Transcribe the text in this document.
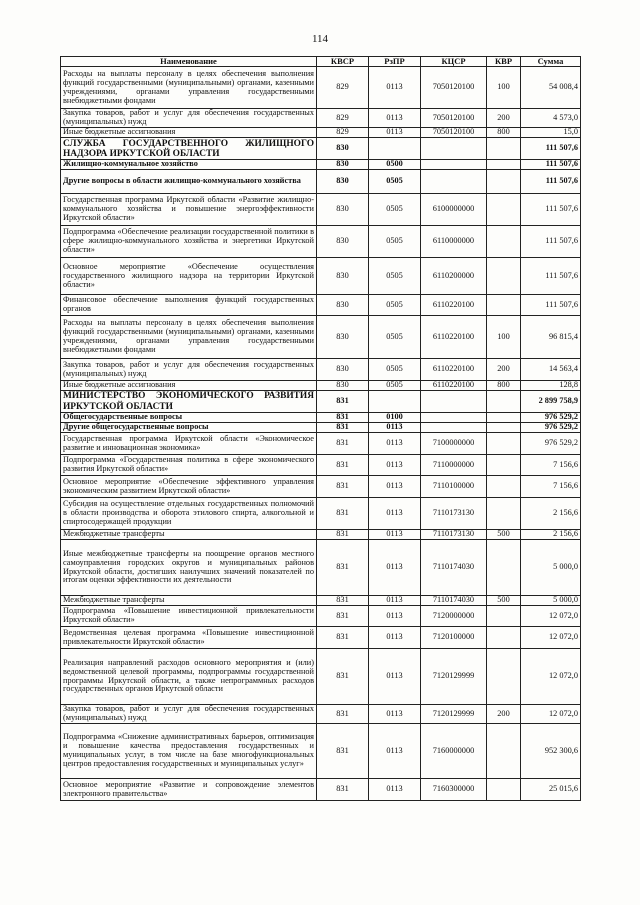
114
Наименование	КВСР	РзПР	КЦСР	КВР	Сумма
Расходы на выплаты персоналу в целях обеспечения выполнения функций государственными (муниципальными) органами, казенными учреждениями, органами управления государственными внебюджетными фондами	829	0113	7050120100	100	54 008,4
Закупка товаров, работ и услуг для обеспечения государственных (муниципальных) нужд	829	0113	7050120100	200	4 573,0
Иные бюджетные ассигнования	829	0113	7050120100	800	15,0
СЛУЖБА ГОСУДАРСТВЕННОГО ЖИЛИЩНОГО НАДЗОРА ИРКУТСКОЙ ОБЛАСТИ	830				111 507,6
Жилищно-коммунальное хозяйство	830	0500			111 507,6
Другие вопросы в области жилищно-коммунального хозяйства	830	0505			111 507,6
Государственная программа Иркутской области «Развитие жилищно-коммунального хозяйства и повышение энергоэффективности Иркутской области»	830	0505	6100000000		111 507,6
Подпрограмма «Обеспечение реализации государственной политики в сфере жилищно-коммунального хозяйства и энергетики Иркутской области»	830	0505	6110000000		111 507,6
Основное мероприятие «Обеспечение осуществления государственного жилищного надзора на территории Иркутской области»	830	0505	6110200000		111 507,6
Финансовое обеспечение выполнения функций государственных органов	830	0505	6110220100		111 507,6
Расходы на выплаты персоналу в целях обеспечения выполнения функций государственными (муниципальными) органами, казенными учреждениями, органами управления государственными внебюджетными фондами	830	0505	6110220100	100	96 815,4
Закупка товаров, работ и услуг для обеспечения государственных (муниципальных) нужд	830	0505	6110220100	200	14 563,4
Иные бюджетные ассигнования	830	0505	6110220100	800	128,8
МИНИСТЕРСТВО ЭКОНОМИЧЕСКОГО РАЗВИТИЯ ИРКУТСКОЙ ОБЛАСТИ	831				2 899 758,9
Общегосударственные вопросы	831	0100			976 529,2
Другие общегосударственные вопросы	831	0113			976 529,2
Государственная программа Иркутской области «Экономическое развитие и инновационная экономика»	831	0113	7100000000		976 529,2
Подпрограмма «Государственная политика в сфере экономического развития Иркутской области»	831	0113	7110000000		7 156,6
Основное мероприятие «Обеспечение эффективного управления экономическим развитием Иркутской области»	831	0113	7110100000		7 156,6
Субсидия на осуществление отдельных государственных полномочий в области производства и оборота этилового спирта, алкогольной и спиртосодержащей продукции	831	0113	7110173130		2 156,6
Межбюджетные трансферты	831	0113	7110173130	500	2 156,6
Иные межбюджетные трансферты на поощрение органов местного самоуправления городских округов и муниципальных районов Иркутской области, достигших наилучших значений показателей по итогам оценки эффективности их деятельности	831	0113	7110174030		5 000,0
Межбюджетные трансферты	831	0113	7110174030	500	5 000,0
Подпрограмма «Повышение инвестиционной привлекательности Иркутской области»	831	0113	7120000000		12 072,0
Ведомственная целевая программа «Повышение инвестиционной привлекательности Иркутской области»	831	0113	7120100000		12 072,0
Реализация направлений расходов основного мероприятия и (или) ведомственной целевой программы, подпрограммы государственной программы Иркутской области, а также непрограммных расходов государственных органов Иркутской области	831	0113	7120129999		12 072,0
Закупка товаров, работ и услуг для обеспечения государственных (муниципальных) нужд	831	0113	7120129999	200	12 072,0
Подпрограмма «Снижение административных барьеров, оптимизация и повышение качества предоставления государственных и муниципальных услуг, в том числе на базе многофункциональных центров предоставления государственных и муниципальных услуг»	831	0113	7160000000		952 300,6
Основное мероприятие «Развитие и сопровождение элементов электронного правительства»	831	0113	7160300000		25 015,6
